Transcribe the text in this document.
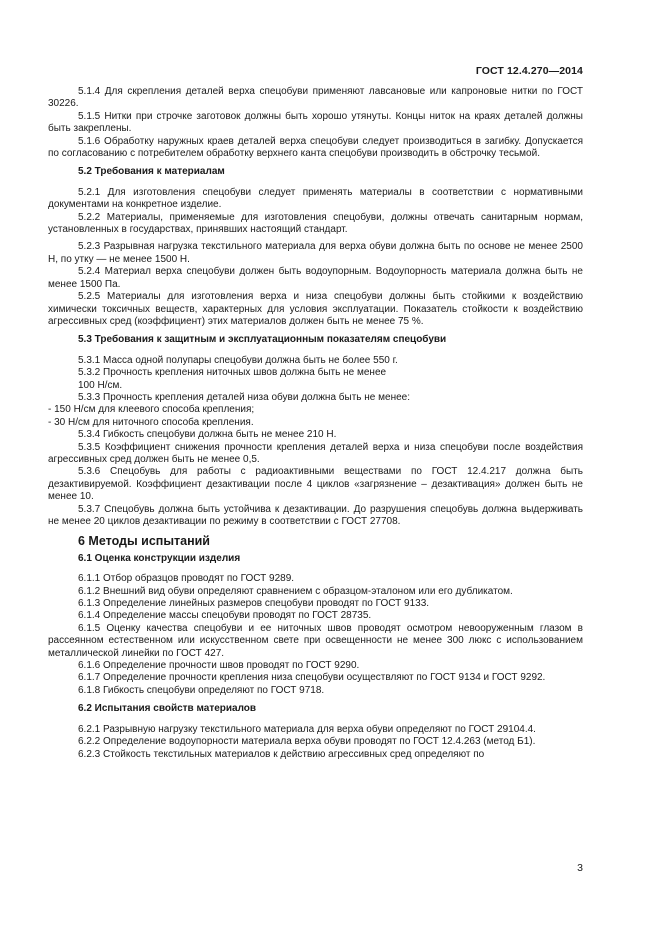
ГОСТ 12.4.270—2014

5.1.4 Для скрепления деталей верха спецобуви применяют лавсановые или капроновые нитки по ГОСТ 30226.

5.1.5 Нитки при строчке заготовок должны быть хорошо утянуты. Концы ниток на краях деталей должны быть закреплены.

5.1.6 Обработку наружных краев деталей верха спецобуви следует производиться в загибку. Допускается по согласованию с потребителем обработку верхнего канта спецобуви производить в обстрочку тесьмой.

5.2 Требования к материалам

5.2.1 Для изготовления спецобуви следует применять материалы в соответствии с нормативными документами на конкретное изделие.

5.2.2 Материалы, применяемые для изготовления спецобуви, должны отвечать санитарным нормам, установленных в государствах, принявших настоящий стандарт.

5.2.3 Разрывная нагрузка текстильного материала для верха обуви должна быть по основе не менее 2500 Н, по утку — не менее 1500 Н.

5.2.4 Материал верха спецобуви должен быть водоупорным. Водоупорность материала должна быть не менее 1500 Па.

5.2.5 Материалы для изготовления верха и низа спецобуви должны быть стойкими к воздействию химически токсичных веществ, характерных для условия эксплуатации. Показатель стойкости к воздействию агрессивных сред (коэффициент) этих материалов должен быть не менее 75 %.

5.3 Требования к защитным и эксплуатационным показателям спецобуви

5.3.1 Масса одной полупары спецобуви должна быть не более 550 г.

5.3.2 Прочность крепления ниточных швов должна быть не менее

100 Н/см.

5.3.3 Прочность крепления деталей низа обуви должна быть не менее:

- 150 Н/см для клеевого способа крепления;

- 30 Н/см для ниточного способа крепления.

5.3.4 Гибкость спецобуви должна быть не менее 210 Н.

5.3.5 Коэффициент снижения прочности крепления деталей верха и низа спецобуви после воздействия агрессивных сред должен быть не менее 0,5.

5.3.6 Спецобувь для работы с радиоактивными веществами по ГОСТ 12.4.217 должна быть дезактивируемой. Коэффициент дезактивации после 4 циклов «загрязнение – дезактивация» должен быть не менее 10.

5.3.7 Спецобувь должна быть устойчива к дезактивации. До разрушения спецобувь должна выдерживать не менее 20 циклов дезактивации по режиму в соответствии с ГОСТ 27708.

6 Методы испытаний
6.1 Оценка конструкции изделия

6.1.1 Отбор образцов проводят по ГОСТ 9289.

6.1.2 Внешний вид обуви определяют сравнением с образцом-эталоном или его дубликатом.

6.1.3 Определение линейных размеров спецобуви проводят по ГОСТ 9133.

6.1.4 Определение массы спецобуви проводят по ГОСТ 28735.

6.1.5 Оценку качества спецобуви и ее ниточных швов проводят осмотром невооруженным глазом в рассеянном естественном или искусственном свете при освещенности не менее 300 люкс с использованием металлической линейки по ГОСТ 427.

6.1.6 Определение прочности швов проводят по ГОСТ 9290.

6.1.7 Определение прочности крепления низа спецобуви осуществляют по ГОСТ 9134 и ГОСТ 9292.

6.1.8 Гибкость спецобуви определяют по ГОСТ 9718.

6.2 Испытания свойств материалов

6.2.1 Разрывную нагрузку текстильного материала для верха обуви определяют по ГОСТ 29104.4.

6.2.2 Определение водоупорности материала верха обуви проводят по ГОСТ 12.4.263 (метод Б1).

6.2.3 Стойкость текстильных материалов к действию агрессивных сред определяют по

3
